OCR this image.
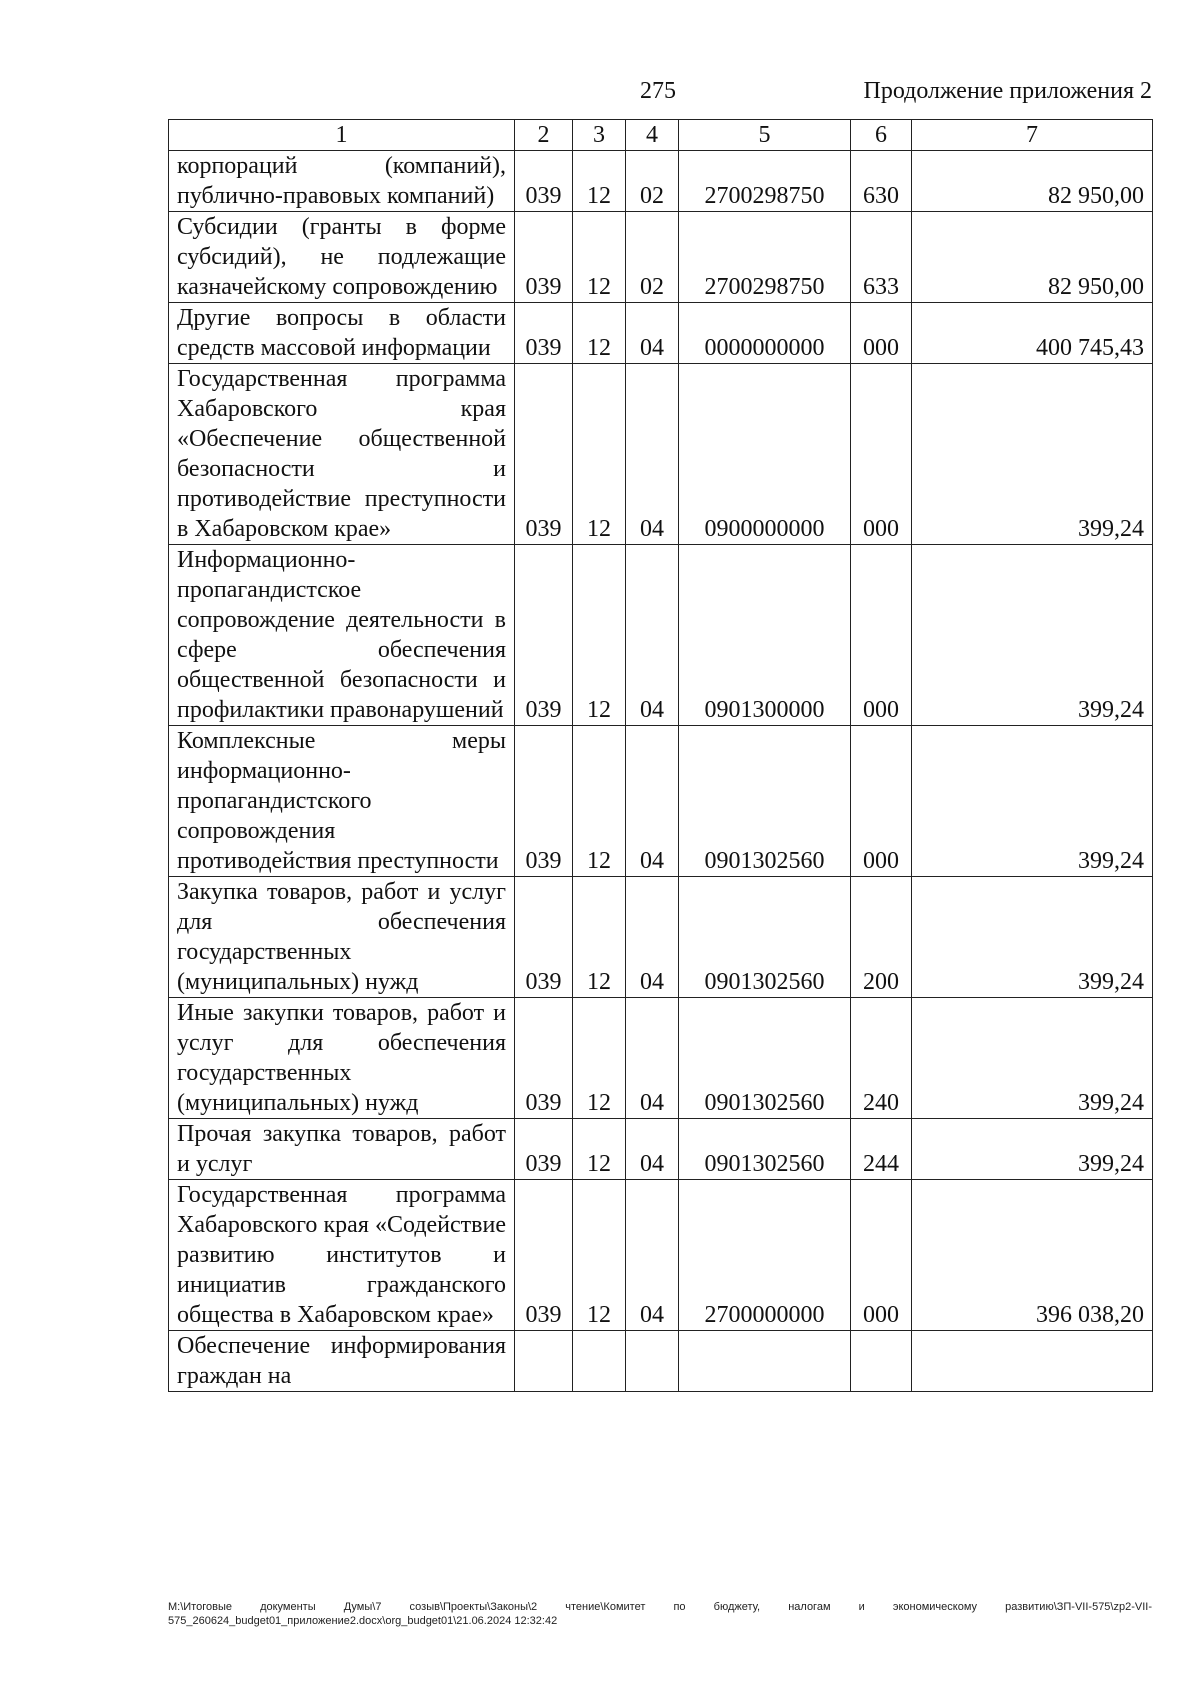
275	Продолжение приложения 2
1	2	3	4	5	6	7
корпораций (компаний), публично-правовых компаний)	039	12	02	2700298750	630	82 950,00
Субсидии (гранты в форме субсидий), не подлежащие казначейскому сопровождению	039	12	02	2700298750	633	82 950,00
Другие вопросы в области средств массовой информации	039	12	04	0000000000	000	400 745,43
Государственная программа Хабаровского края «Обеспечение общественной безопасности и противодействие преступности в Хабаровском крае»	039	12	04	0900000000	000	399,24
Информационно-пропагандистское сопровождение деятельности в сфере обеспечения общественной безопасности и профилактики правонарушений	039	12	04	0901300000	000	399,24
Комплексные меры информационно-пропагандистского сопровождения противодействия преступности	039	12	04	0901302560	000	399,24
Закупка товаров, работ и услуг для обеспечения государственных (муниципальных) нужд	039	12	04	0901302560	200	399,24
Иные закупки товаров, работ и услуг для обеспечения государственных (муниципальных) нужд	039	12	04	0901302560	240	399,24
Прочая закупка товаров, работ и услуг	039	12	04	0901302560	244	399,24
Государственная программа Хабаровского края «Содействие развитию институтов и инициатив гражданского общества в Хабаровском крае»	039	12	04	2700000000	000	396 038,20
Обеспечение информирования граждан на						
М:\Итоговые документы Думы\7 созыв\Проекты\Законы\2 чтение\Комитет по бюджету, налогам и экономическому развитию\ЗП-VII-575\zp2-VII-575_260624_budget01_приложение2.docx\org_budget01\21.06.2024 12:32:42
